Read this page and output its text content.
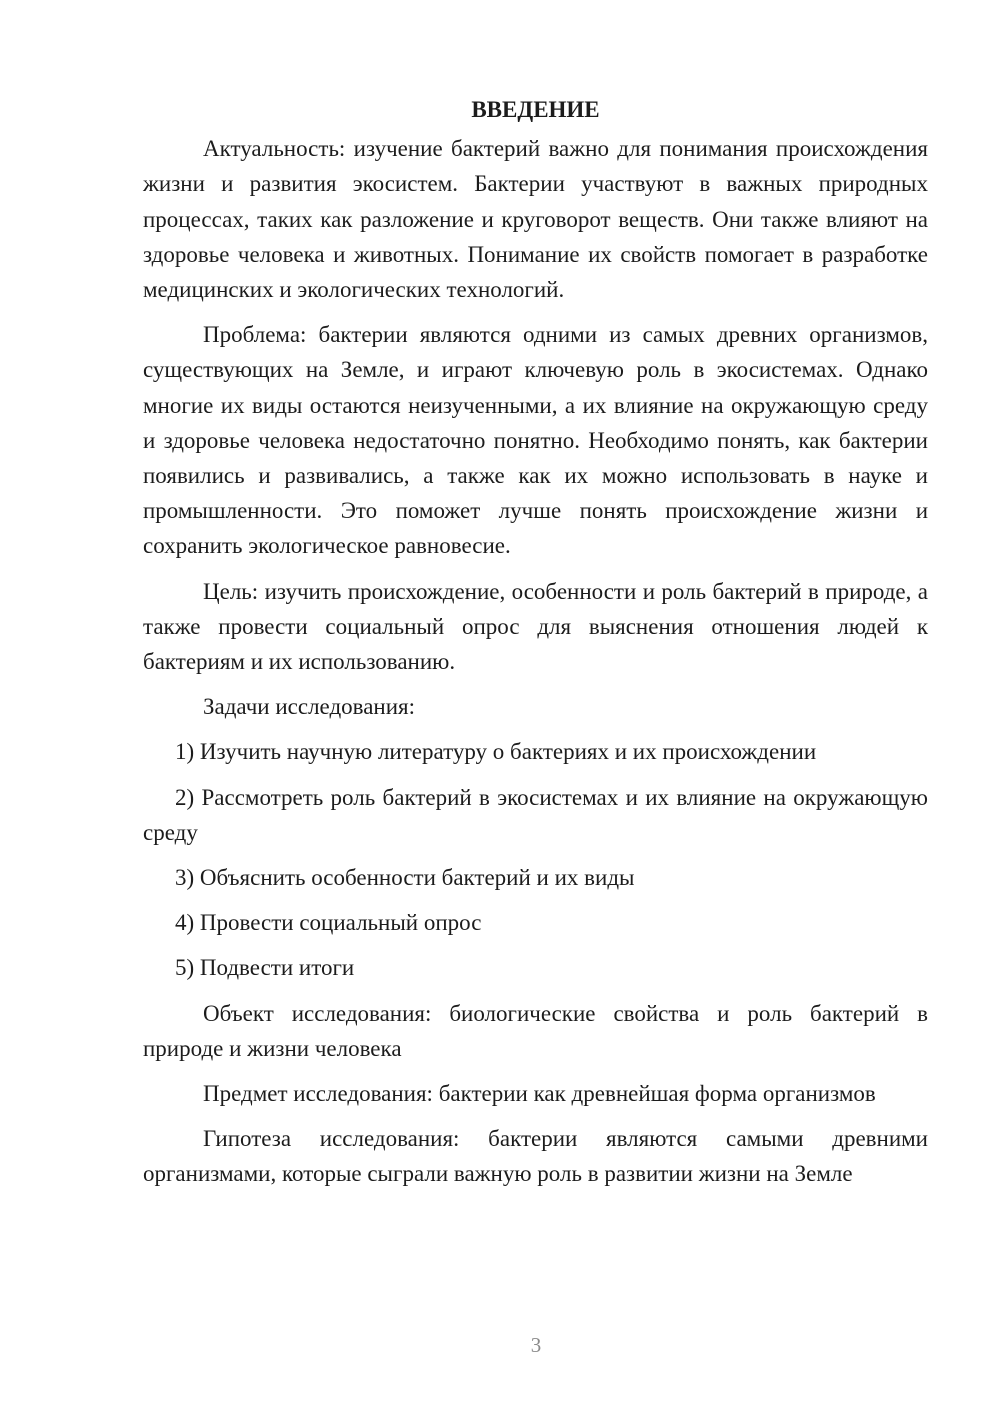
ВВЕДЕНИЕ

Актуальность: изучение бактерий важно для понимания происхождения жизни и развития экосистем. Бактерии участвуют в важных природных процессах, таких как разложение и круговорот веществ. Они также влияют на здоровье человека и животных. Понимание их свойств помогает в разработке медицинских и экологических технологий.

Проблема: бактерии являются одними из самых древних организмов, существующих на Земле, и играют ключевую роль в экосистемах. Однако многие их виды остаются неизученными, а их влияние на окружающую среду и здоровье человека недостаточно понятно. Необходимо понять, как бактерии появились и развивались, а также как их можно использовать в науке и промышленности. Это поможет лучше понять происхождение жизни и сохранить экологическое равновесие.

Цель: изучить происхождение, особенности и роль бактерий в природе, а также провести социальный опрос для выяснения отношения людей к бактериям и их использованию.

Задачи исследования:

1) Изучить научную литературу о бактериях и их происхождении

2) Рассмотреть роль бактерий в экосистемах и их влияние на окружающую среду

3) Объяснить особенности бактерий и их виды

4) Провести социальный опрос

5) Подвести итоги

Объект исследования: биологические свойства и роль бактерий в природе и жизни человека

Предмет исследования: бактерии как древнейшая форма организмов

Гипотеза исследования: бактерии являются самыми древними организмами, которые сыграли важную роль в развитии жизни на Земле

3
